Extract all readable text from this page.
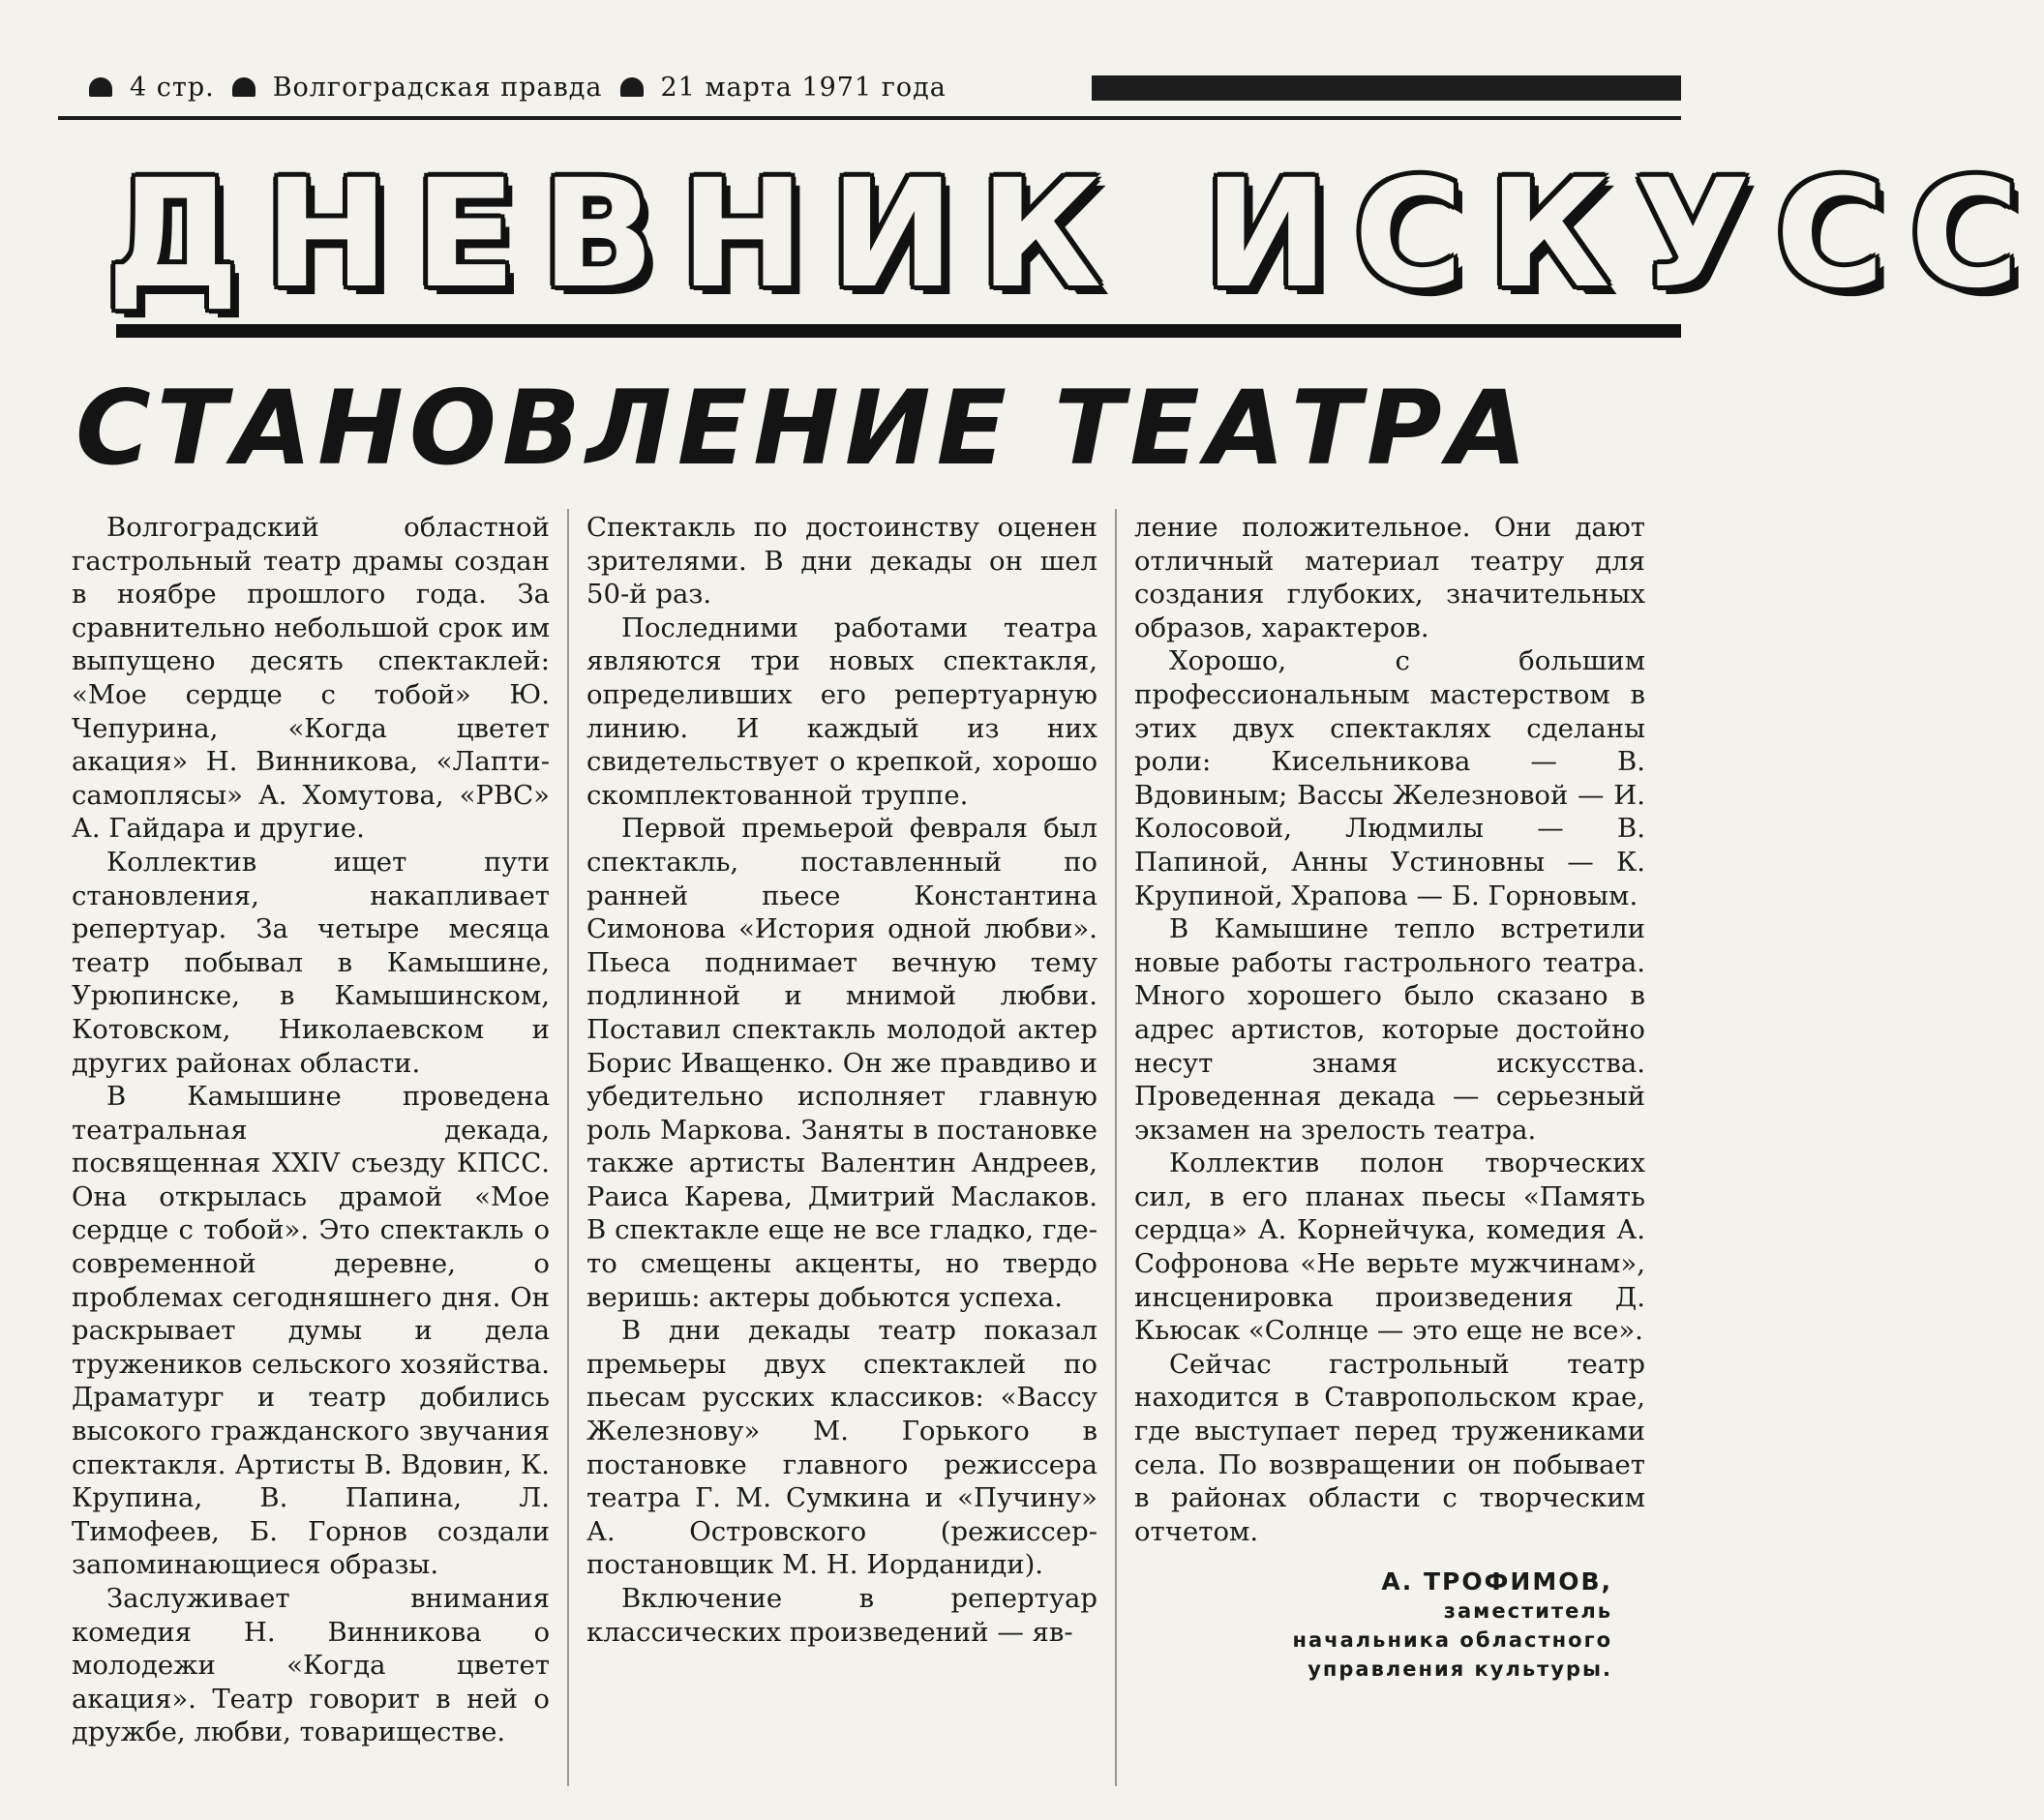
4 стр. Волгоградская правда 21 марта 1971 года
ДНЕВНИК ИСКУСС
СТАНОВЛЕНИЕ ТЕАТРА

Волгоградский областной гастрольный театр драмы создан в ноябре прошлого года. За сравнительно небольшой срок им выпущено десять спектаклей: «Мое сердце с тобой» Ю. Чепурина, «Когда цветет акация» Н. Винникова, «Лапти-самоплясы» А. Хомутова, «РВС» А. Гайдара и другие.

Коллектив ищет пути становления, накапливает репертуар. За четыре месяца театр побывал в Камышине, Урюпинске, в Камышинском, Котовском, Николаевском и других районах области.

В Камышине проведена театральная декада, посвященная XXIV съезду КПСС. Она открылась драмой «Мое сердце с тобой». Это спектакль о современной деревне, о проблемах сегодняшнего дня. Он раскрывает думы и дела тружеников сельского хозяйства. Драматург и театр добились высокого гражданского звучания спектакля. Артисты В. Вдовин, К. Крупина, В. Папина, Л. Тимофеев, Б. Горнов создали запоминающиеся образы.

Заслуживает внимания комедия Н. Винникова о молодежи «Когда цветет акация». Театр говорит в ней о дружбе, любви, товариществе.

Спектакль по достоинству оценен зрителями. В дни декады он шел 50-й раз.

Последними работами театра являются три новых спектакля, определивших его репертуарную линию. И каждый из них свидетельствует о крепкой, хорошо скомплектованной труппе.

Первой премьерой февраля был спектакль, поставленный по ранней пьесе Константина Симонова «История одной любви». Пьеса поднимает вечную тему подлинной и мнимой любви. Поставил спектакль молодой актер Борис Иващенко. Он же правдиво и убедительно исполняет главную роль Маркова. Заняты в постановке также артисты Валентин Андреев, Раиса Карева, Дмитрий Маслаков. В спектакле еще не все гладко, где-то смещены акценты, но твердо веришь: актеры добьются успеха.

В дни декады театр показал премьеры двух спектаклей по пьесам русских классиков: «Вассу Железнову» М. Горького в постановке главного режиссера театра Г. М. Сумкина и «Пучину» А. Островского (режиссер-постановщик М. Н. Иорданиди).

Включение в репертуар классических произведений — яв-

ление положительное. Они дают отличный материал театру для создания глубоких, значительных образов, характеров.

Хорошо, с большим профессиональным мастерством в этих двух спектаклях сделаны роли: Кисельникова — В. Вдовиным; Вассы Железновой — И. Колосовой, Людмилы — В. Папиной, Анны Устиновны — К. Крупиной, Храпова — Б. Горновым.

В Камышине тепло встретили новые работы гастрольного театра. Много хорошего было сказано в адрес артистов, которые достойно несут знамя искусства. Проведенная декада — серьезный экзамен на зрелость театра.

Коллектив полон творческих сил, в его планах пьесы «Память сердца» А. Корнейчука, комедия А. Софронова «Не верьте мужчинам», инсценировка произведения Д. Кьюсак «Солнце — это еще не все».

Сейчас гастрольный театр находится в Ставропольском крае, где выступает перед тружениками села. По возвращении он побывает в районах области с творческим отчетом.

А. ТРОФИМОВ,
заместитель
начальника областного
управления культуры.
